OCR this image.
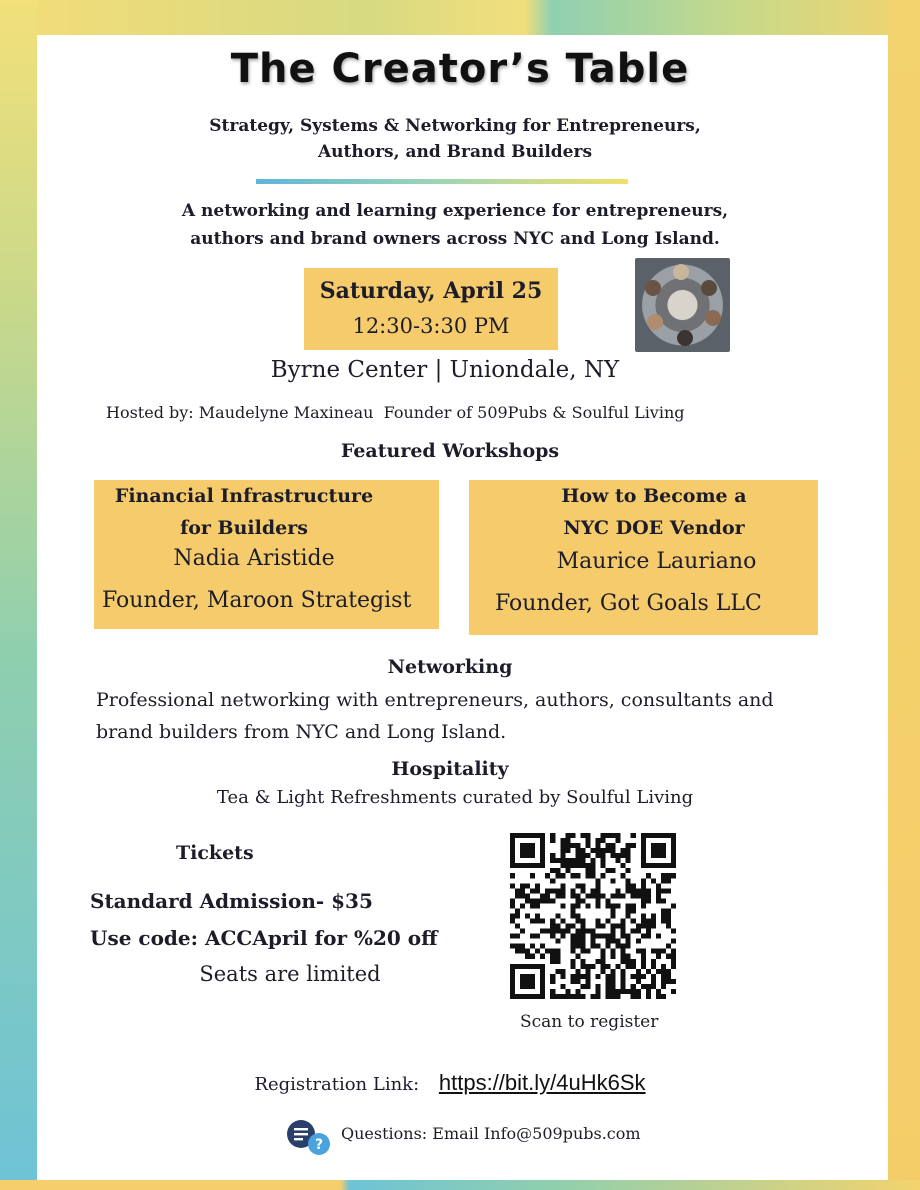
The Creator’s Table
Strategy, Systems & Networking for Entrepreneurs,
Authors, and Brand Builders
A networking and learning experience for entrepreneurs,
authors and brand owners across NYC and Long Island.
Saturday, April 25
12:30-3:30 PM
Byrne Center | Uniondale, NY
Hosted by: Maudelyne Maxineau  Founder of 509Pubs & Soulful Living
Featured Workshops
Financial Infrastructure
for Builders
Nadia Aristide
Founder, Maroon Strategist
How to Become a
NYC DOE Vendor
Maurice Lauriano
Founder, Got Goals LLC
Networking
Professional networking with entrepreneurs, authors, consultants and
brand builders from NYC and Long Island.
Hospitality
Tea & Light Refreshments curated by Soulful Living
Tickets
Standard Admission- $35
Use code: ACCApril for %20 off
Seats are limited
Scan to register
Registration Link: https://bit.ly/4uHk6Sk
?
Questions: Email Info@509pubs.com
